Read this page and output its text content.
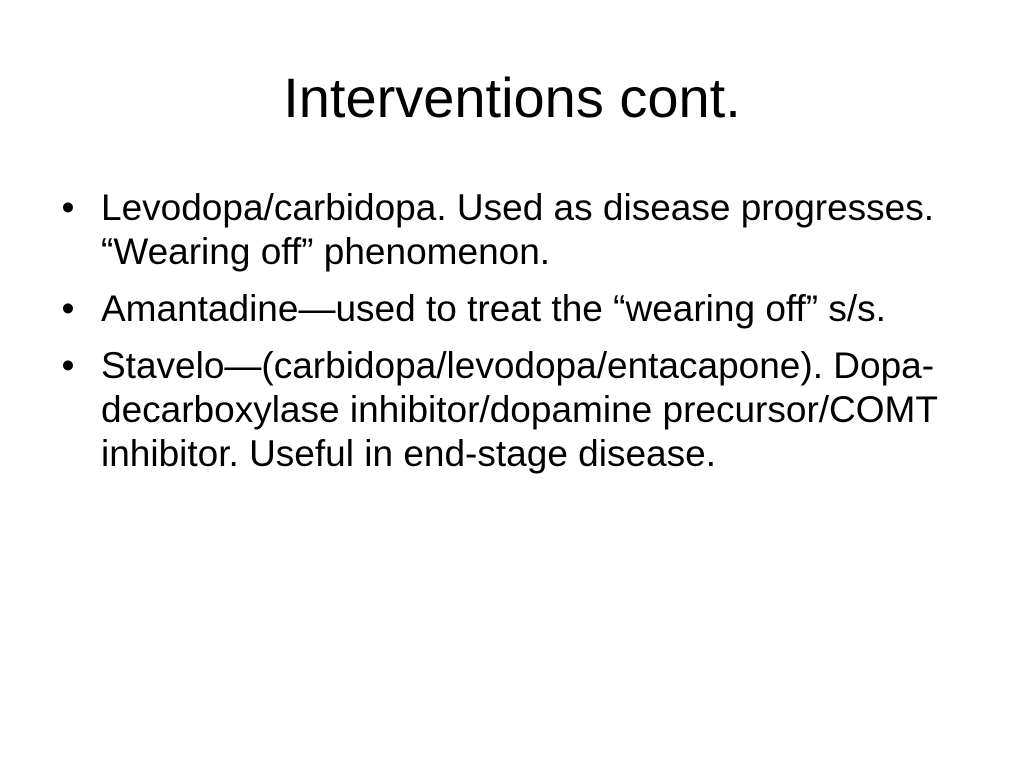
Interventions cont.
• Levodopa/carbidopa. Used as disease progresses. “Wearing off” phenomenon.
• Amantadine—used to treat the “wearing off” s/s.
• Stavelo—(carbidopa/levodopa/entacapone). Dopa-decarboxylase inhibitor/dopamine precursor/COMT inhibitor. Useful in end-stage disease.
